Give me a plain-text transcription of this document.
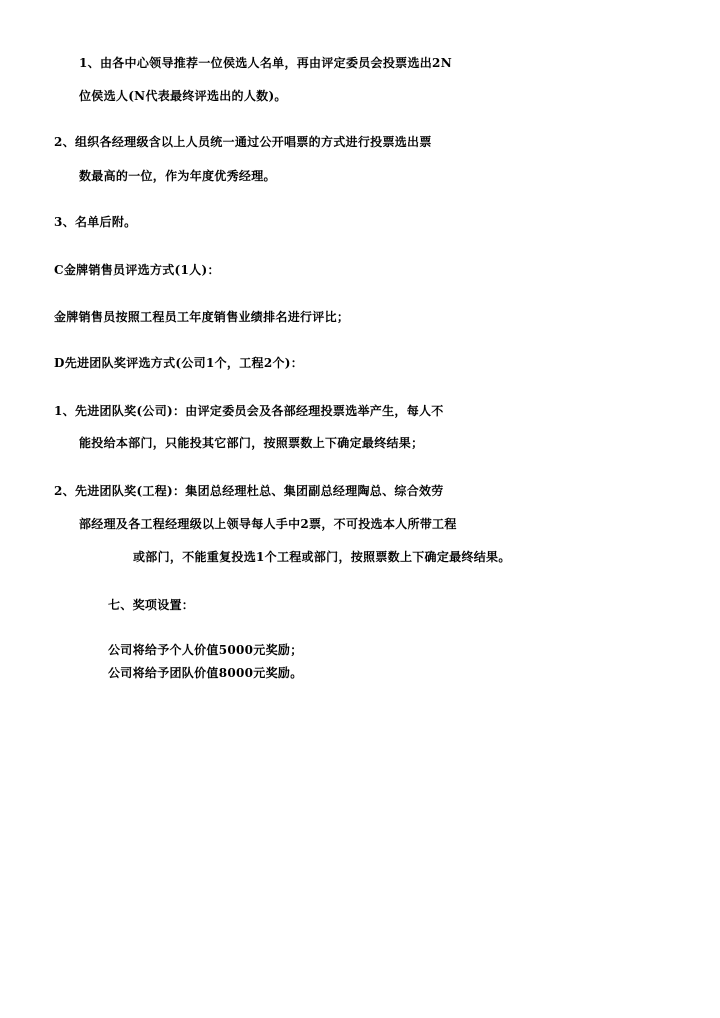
1、由各中心领导推荐一位侯选人名单，再由评定委员会投票选出2N

位侯选人(N代表最终评选出的人数)。

2、组织各经理级含以上人员统一通过公开唱票的方式进行投票选出票

数最高的一位，作为年度优秀经理。

3、名单后附。

C金牌销售员评选方式(1人)：

金牌销售员按照工程员工年度销售业绩排名进行评比；

D先进团队奖评选方式(公司1个，工程2个)：

1、先进团队奖(公司)：由评定委员会及各部经理投票选举产生，每人不

能投给本部门，只能投其它部门，按照票数上下确定最终结果；

2、先进团队奖(工程)：集团总经理杜总、集团副总经理陶总、综合效劳

部经理及各工程经理级以上领导每人手中2票，不可投选本人所带工程

或部门，不能重复投选1个工程或部门，按照票数上下确定最终结果。

七、奖项设置：

公司将给予个人价值5000元奖励；

公司将给予团队价值8000元奖励。
